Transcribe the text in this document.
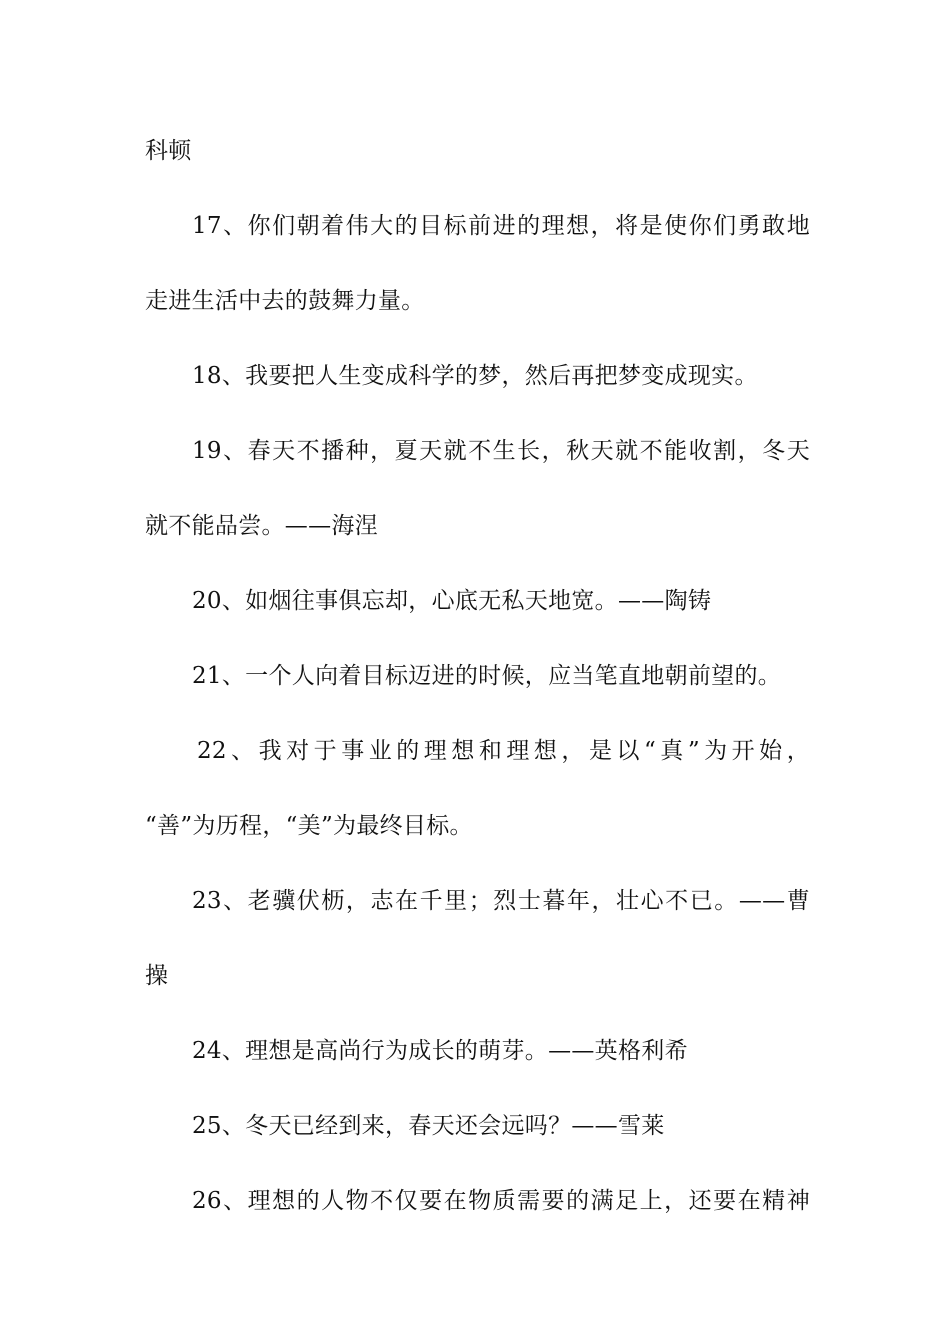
科顿
17、你们朝着伟大的目标前进的理想，将是使你们勇敢地
走进生活中去的鼓舞力量。
18、我要把人生变成科学的梦，然后再把梦变成现实。
19、春天不播种，夏天就不生长，秋天就不能收割，冬天
就不能品尝。——海涅
20、如烟往事俱忘却，心底无私天地宽。——陶铸
21、一个人向着目标迈进的时候，应当笔直地朝前望的。
22、我对于事业的理想和理想，是以“真”为开始，
“善”为历程，“美”为最终目标。
23、老骥伏枥，志在千里；烈士暮年，壮心不已。——曹
操
24、理想是高尚行为成长的萌芽。——英格利希
25、冬天已经到来，春天还会远吗？——雪莱
26、理想的人物不仅要在物质需要的满足上，还要在精神
